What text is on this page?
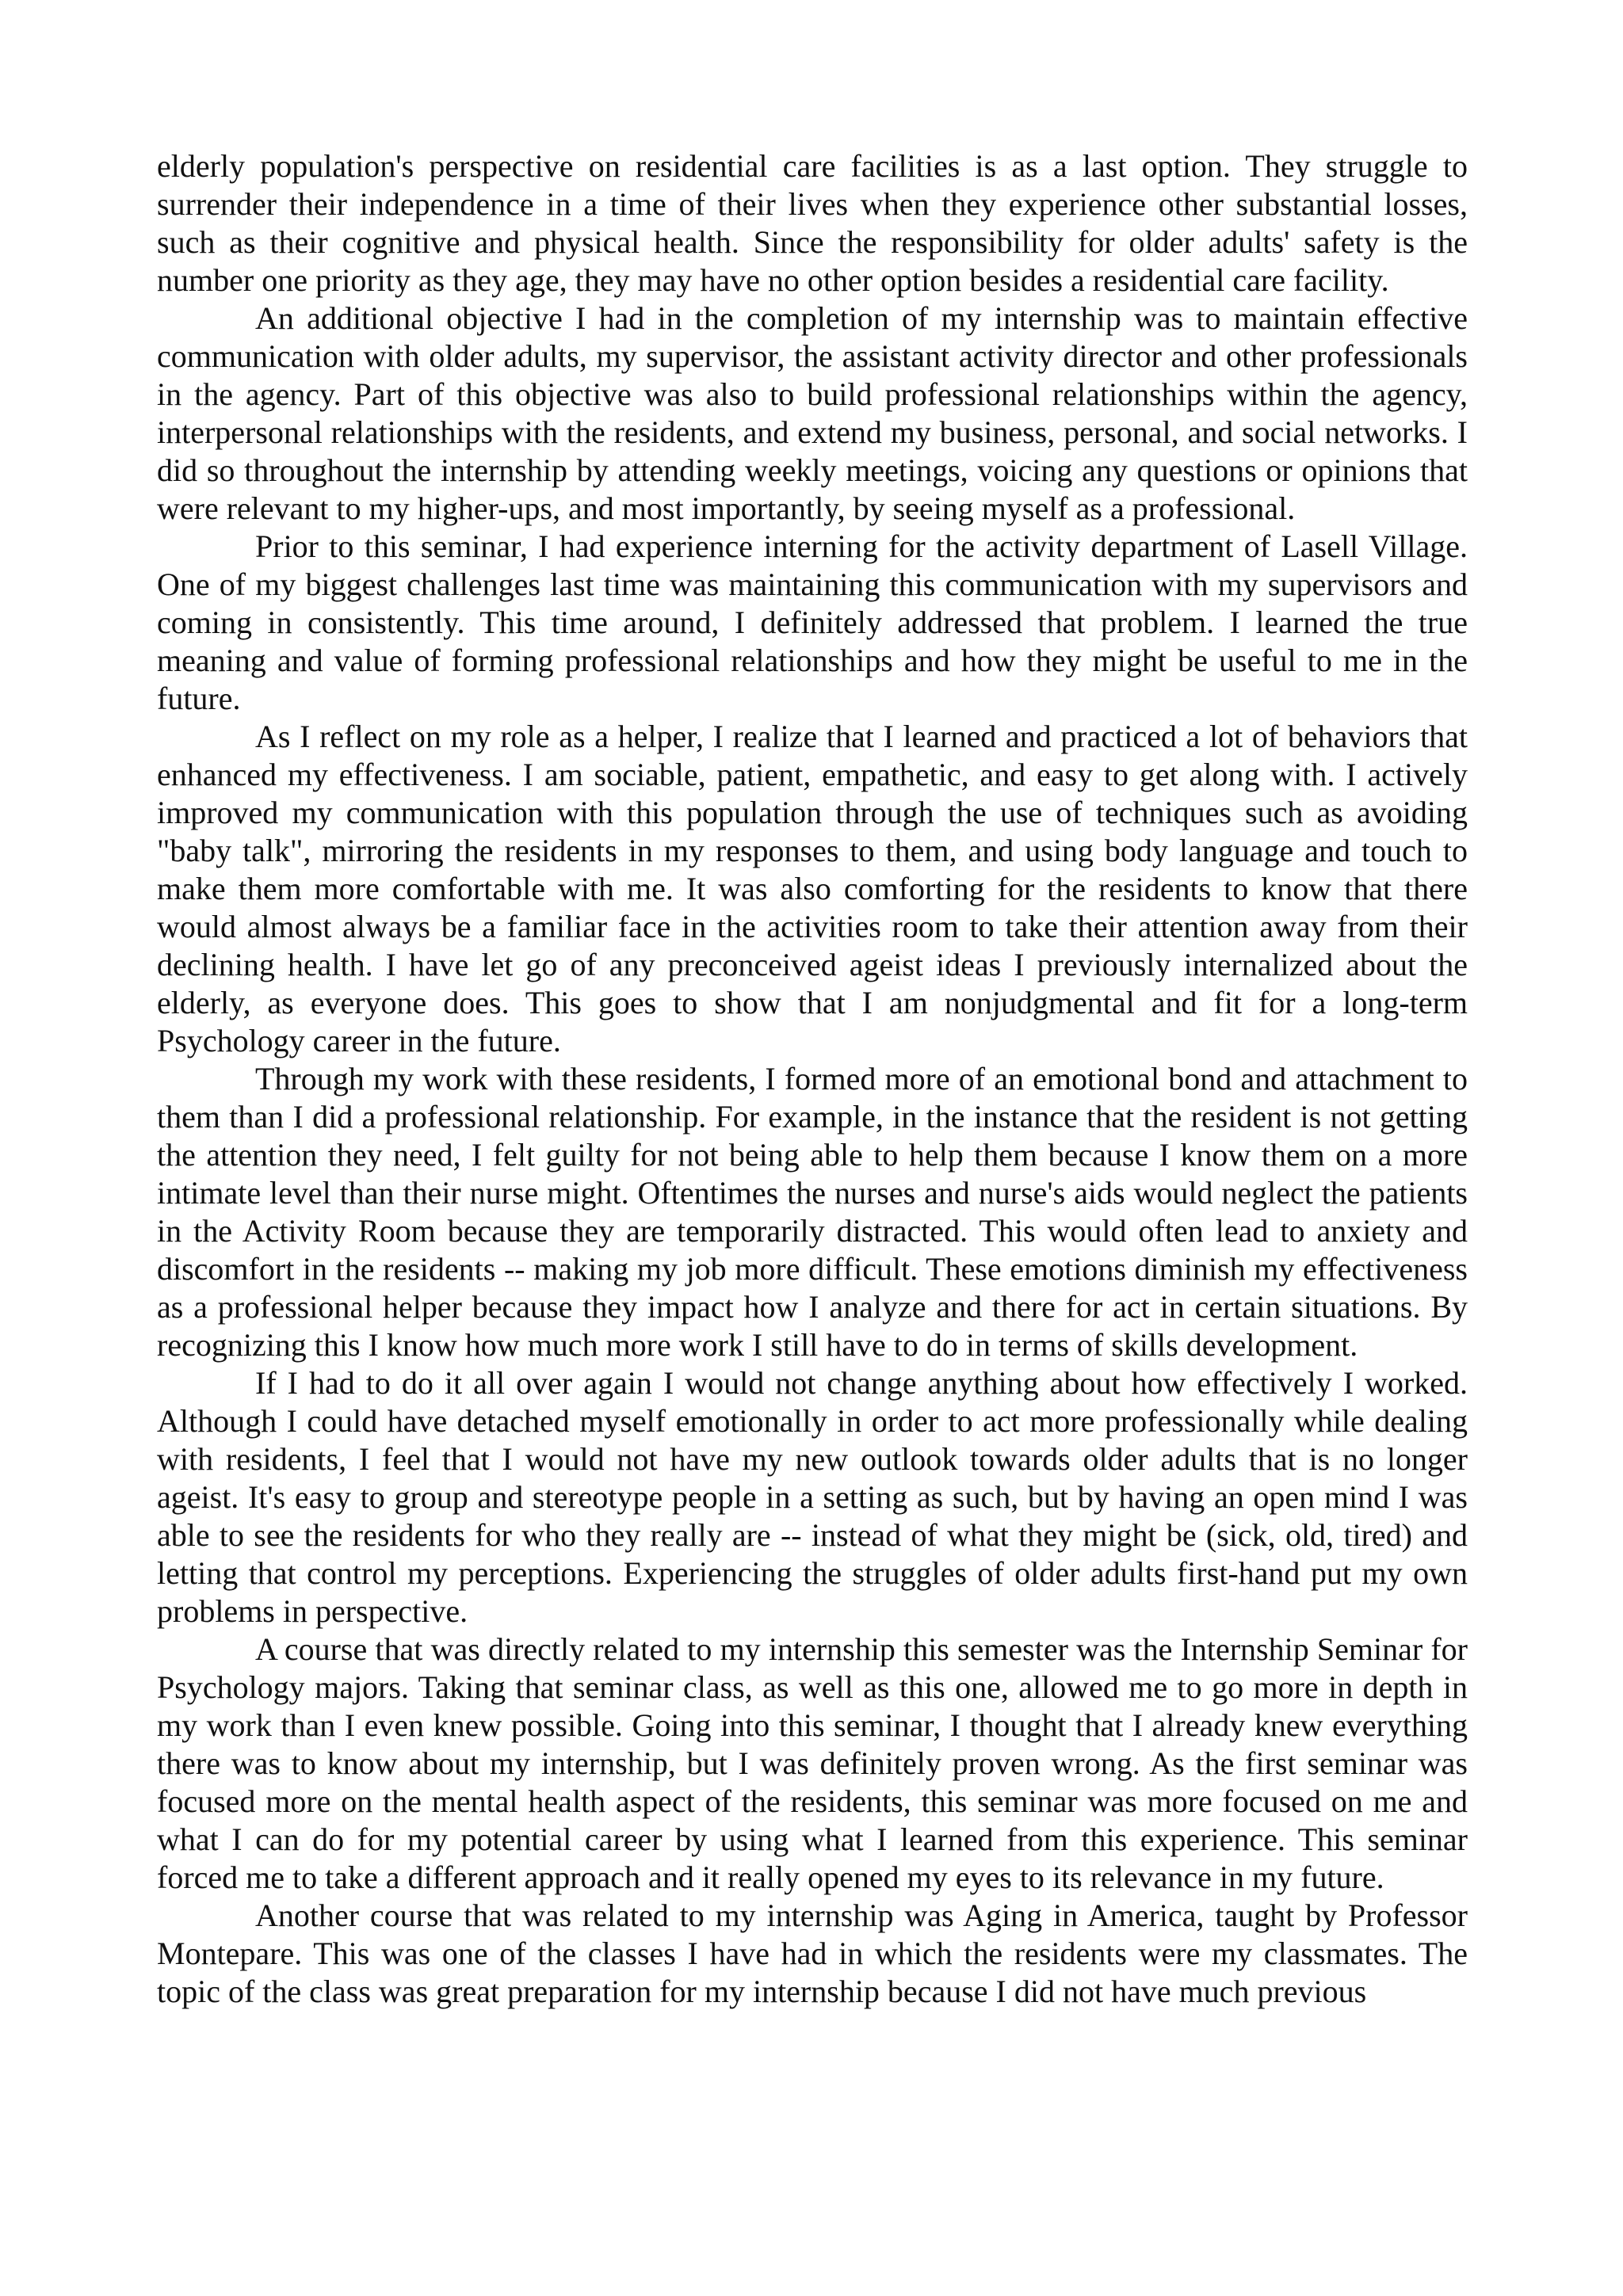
elderly population's perspective on residential care facilities is as a last option. They struggle to surrender their independence in a time of their lives when they experience other substantial losses, such as their cognitive and physical health. Since the responsibility for older adults' safety is the number one priority as they age, they may have no other option besides a residential care facility.

An additional objective I had in the completion of my internship was to maintain effective communication with older adults, my supervisor, the assistant activity director and other professionals in the agency. Part of this objective was also to build professional relationships within the agency, interpersonal relationships with the residents, and extend my business, personal, and social networks. I did so throughout the internship by attending weekly meetings, voicing any questions or opinions that were relevant to my higher-ups, and most importantly, by seeing myself as a professional.

Prior to this seminar, I had experience interning for the activity department of Lasell Village. One of my biggest challenges last time was maintaining this communication with my supervisors and coming in consistently. This time around, I definitely addressed that problem. I learned the true meaning and value of forming professional relationships and how they might be useful to me in the future.

As I reflect on my role as a helper, I realize that I learned and practiced a lot of behaviors that enhanced my effectiveness. I am sociable, patient, empathetic, and easy to get along with. I actively improved my communication with this population through the use of techniques such as avoiding "baby talk", mirroring the residents in my responses to them, and using body language and touch to make them more comfortable with me. It was also comforting for the residents to know that there would almost always be a familiar face in the activities room to take their attention away from their declining health. I have let go of any preconceived ageist ideas I previously internalized about the elderly, as everyone does. This goes to show that I am nonjudgmental and fit for a long-term Psychology career in the future.

Through my work with these residents, I formed more of an emotional bond and attachment to them than I did a professional relationship. For example, in the instance that the resident is not getting the attention they need, I felt guilty for not being able to help them because I know them on a more intimate level than their nurse might. Oftentimes the nurses and nurse's aids would neglect the patients in the Activity Room because they are temporarily distracted. This would often lead to anxiety and discomfort in the residents -- making my job more difficult. These emotions diminish my effectiveness as a professional helper because they impact how I analyze and there for act in certain situations. By recognizing this I know how much more work I still have to do in terms of skills development.

If I had to do it all over again I would not change anything about how effectively I worked. Although I could have detached myself emotionally in order to act more professionally while dealing with residents, I feel that I would not have my new outlook towards older adults that is no longer ageist. It's easy to group and stereotype people in a setting as such, but by having an open mind I was able to see the residents for who they really are -- instead of what they might be (sick, old, tired) and letting that control my perceptions. Experiencing the struggles of older adults first-hand put my own problems in perspective.

A course that was directly related to my internship this semester was the Internship Seminar for Psychology majors. Taking that seminar class, as well as this one, allowed me to go more in depth in my work than I even knew possible. Going into this seminar, I thought that I already knew everything there was to know about my internship, but I was definitely proven wrong. As the first seminar was focused more on the mental health aspect of the residents, this seminar was more focused on me and what I can do for my potential career by using what I learned from this experience. This seminar forced me to take a different approach and it really opened my eyes to its relevance in my future.

Another course that was related to my internship was Aging in America, taught by Professor Montepare. This was one of the classes I have had in which the residents were my classmates. The topic of the class was great preparation for my internship because I did not have much previous
